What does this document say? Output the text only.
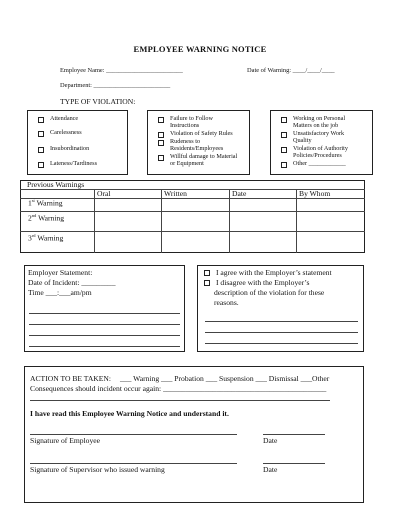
EMPLOYEE WARNING NOTICE
Employee Name: ________________________	Date of Warning: ____/____/____
Department: ________________________
TYPE OF VIOLATION:
Attendance
Carelessness
Insubordination
Lateness/Tardiness
Failure to Follow
Instructions
Violation of Safety Rules
Rudeness to
Residents/Employees
Willful damage to Material
or Equipment
Working on Personal
Matters on the job
Unsatisfactory Work
Quality
Violation of Authority
Policies/Procedures
Other ____________
Previous Warnings
Oral	Written	Date	By Whom
1st Warning
2nd Warning
3rd Warning
Employer Statement:
Date of Incident: _________
Time ___:___am/pm
I agree with the Employer’s statement
I disagree with the Employer’s
description of the violation for these
reasons.
ACTION TO BE TAKEN: ___ Warning ___ Probation ___ Suspension ___ Dismissal ___Other
Consequences should incident occur again: ___________________________________________
I have read this Employee Warning Notice and understand it.
Signature of Employee	Date
Signature of Supervisor who issued warning	Date
